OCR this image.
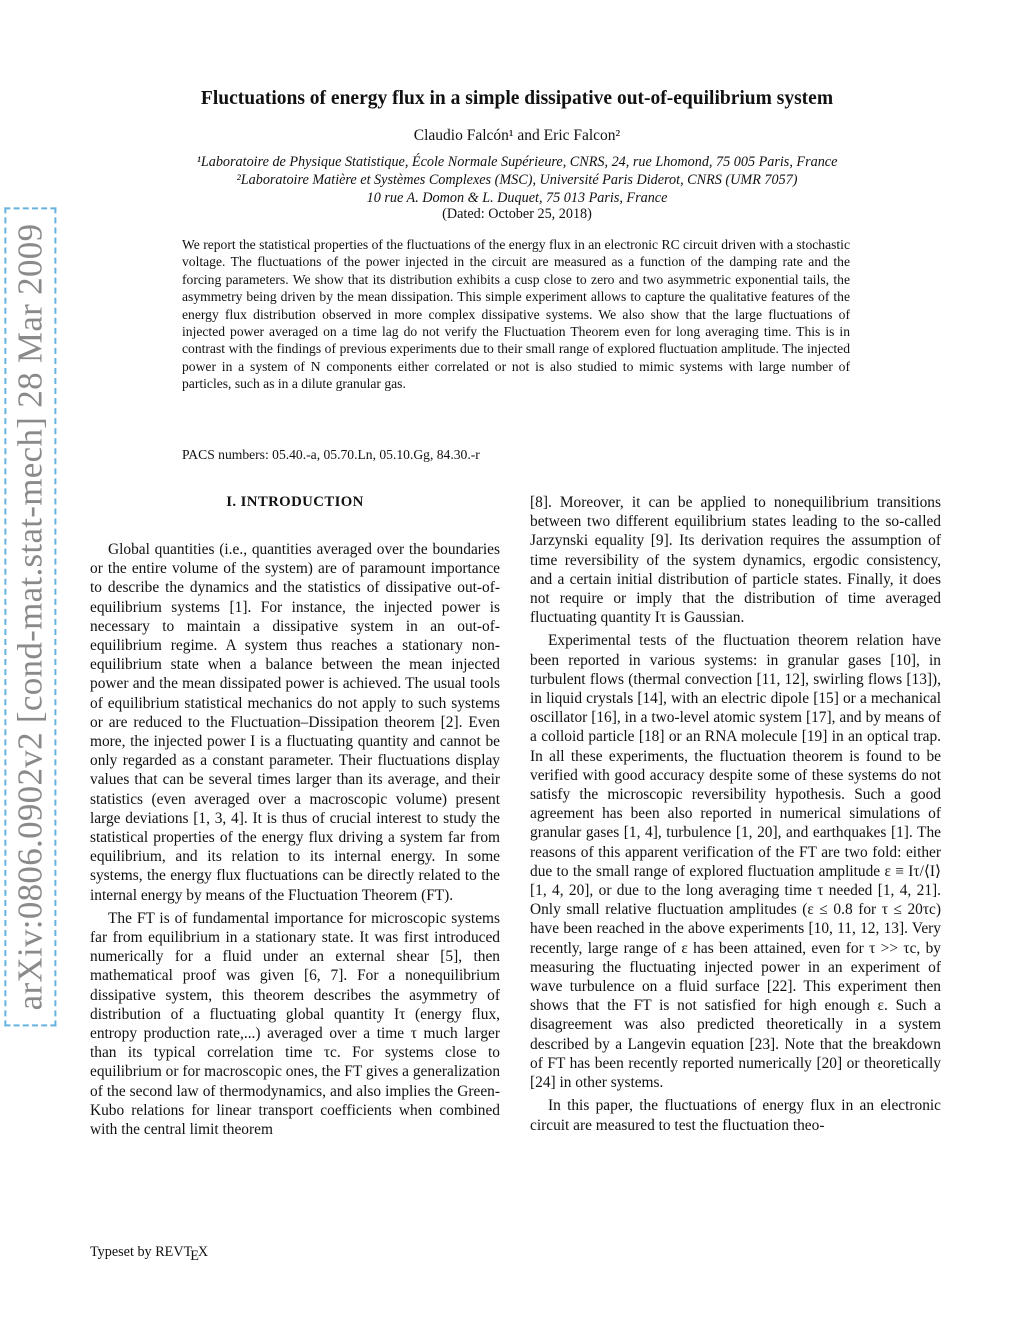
arXiv:0806.0902v2 [cond-mat.stat-mech] 28 Mar 2009
Fluctuations of energy flux in a simple dissipative out-of-equilibrium system
Claudio Falcón¹ and Eric Falcon²
¹Laboratoire de Physique Statistique, École Normale Supérieure, CNRS, 24, rue Lhomond, 75 005 Paris, France
²Laboratoire Matière et Systèmes Complexes (MSC), Université Paris Diderot, CNRS (UMR 7057)
10 rue A. Domon & L. Duquet, 75 013 Paris, France
(Dated: October 25, 2018)
We report the statistical properties of the fluctuations of the energy flux in an electronic RC circuit driven with a stochastic voltage. The fluctuations of the power injected in the circuit are measured as a function of the damping rate and the forcing parameters. We show that its distribution exhibits a cusp close to zero and two asymmetric exponential tails, the asymmetry being driven by the mean dissipation. This simple experiment allows to capture the qualitative features of the energy flux distribution observed in more complex dissipative systems. We also show that the large fluctuations of injected power averaged on a time lag do not verify the Fluctuation Theorem even for long averaging time. This is in contrast with the findings of previous experiments due to their small range of explored fluctuation amplitude. The injected power in a system of N components either correlated or not is also studied to mimic systems with large number of particles, such as in a dilute granular gas.
PACS numbers: 05.40.-a, 05.70.Ln, 05.10.Gg, 84.30.-r
I. INTRODUCTION

Global quantities (i.e., quantities averaged over the boundaries or the entire volume of the system) are of paramount importance to describe the dynamics and the statistics of dissipative out-of-equilibrium systems [1]. For instance, the injected power is necessary to maintain a dissipative system in an out-of-equilibrium regime. A system thus reaches a stationary non-equilibrium state when a balance between the mean injected power and the mean dissipated power is achieved. The usual tools of equilibrium statistical mechanics do not apply to such systems or are reduced to the Fluctuation–Dissipation theorem [2]. Even more, the injected power I is a fluctuating quantity and cannot be only regarded as a constant parameter. Their fluctuations display values that can be several times larger than its average, and their statistics (even averaged over a macroscopic volume) present large deviations [1, 3, 4]. It is thus of crucial interest to study the statistical properties of the energy flux driving a system far from equilibrium, and its relation to its internal energy. In some systems, the energy flux fluctuations can be directly related to the internal energy by means of the Fluctuation Theorem (FT).

The FT is of fundamental importance for microscopic systems far from equilibrium in a stationary state. It was first introduced numerically for a fluid under an external shear [5], then mathematical proof was given [6, 7]. For a nonequilibrium dissipative system, this theorem describes the asymmetry of distribution of a fluctuating global quantity Iτ (energy flux, entropy production rate,...) averaged over a time τ much larger than its typical correlation time τc. For systems close to equilibrium or for macroscopic ones, the FT gives a generalization of the second law of thermodynamics, and also implies the Green-Kubo relations for linear transport coefficients when combined with the central limit theorem

[8]. Moreover, it can be applied to nonequilibrium transitions between two different equilibrium states leading to the so-called Jarzynski equality [9]. Its derivation requires the assumption of time reversibility of the system dynamics, ergodic consistency, and a certain initial distribution of particle states. Finally, it does not require or imply that the distribution of time averaged fluctuating quantity Iτ is Gaussian.

Experimental tests of the fluctuation theorem relation have been reported in various systems: in granular gases [10], in turbulent flows (thermal convection [11, 12], swirling flows [13]), in liquid crystals [14], with an electric dipole [15] or a mechanical oscillator [16], in a two-level atomic system [17], and by means of a colloid particle [18] or an RNA molecule [19] in an optical trap. In all these experiments, the fluctuation theorem is found to be verified with good accuracy despite some of these systems do not satisfy the microscopic reversibility hypothesis. Such a good agreement has been also reported in numerical simulations of granular gases [1, 4], turbulence [1, 20], and earthquakes [1]. The reasons of this apparent verification of the FT are two fold: either due to the small range of explored fluctuation amplitude ε ≡ Iτ/⟨I⟩ [1, 4, 20], or due to the long averaging time τ needed [1, 4, 21]. Only small relative fluctuation amplitudes (ε ≤ 0.8 for τ ≤ 20τc) have been reached in the above experiments [10, 11, 12, 13]. Very recently, large range of ε has been attained, even for τ >> τc, by measuring the fluctuating injected power in an experiment of wave turbulence on a fluid surface [22]. This experiment then shows that the FT is not satisfied for high enough ε. Such a disagreement was also predicted theoretically in a system described by a Langevin equation [23]. Note that the breakdown of FT has been recently reported numerically [20] or theoretically [24] in other systems.

In this paper, the fluctuations of energy flux in an electronic circuit are measured to test the fluctuation theo-

Typeset by REVTEX
